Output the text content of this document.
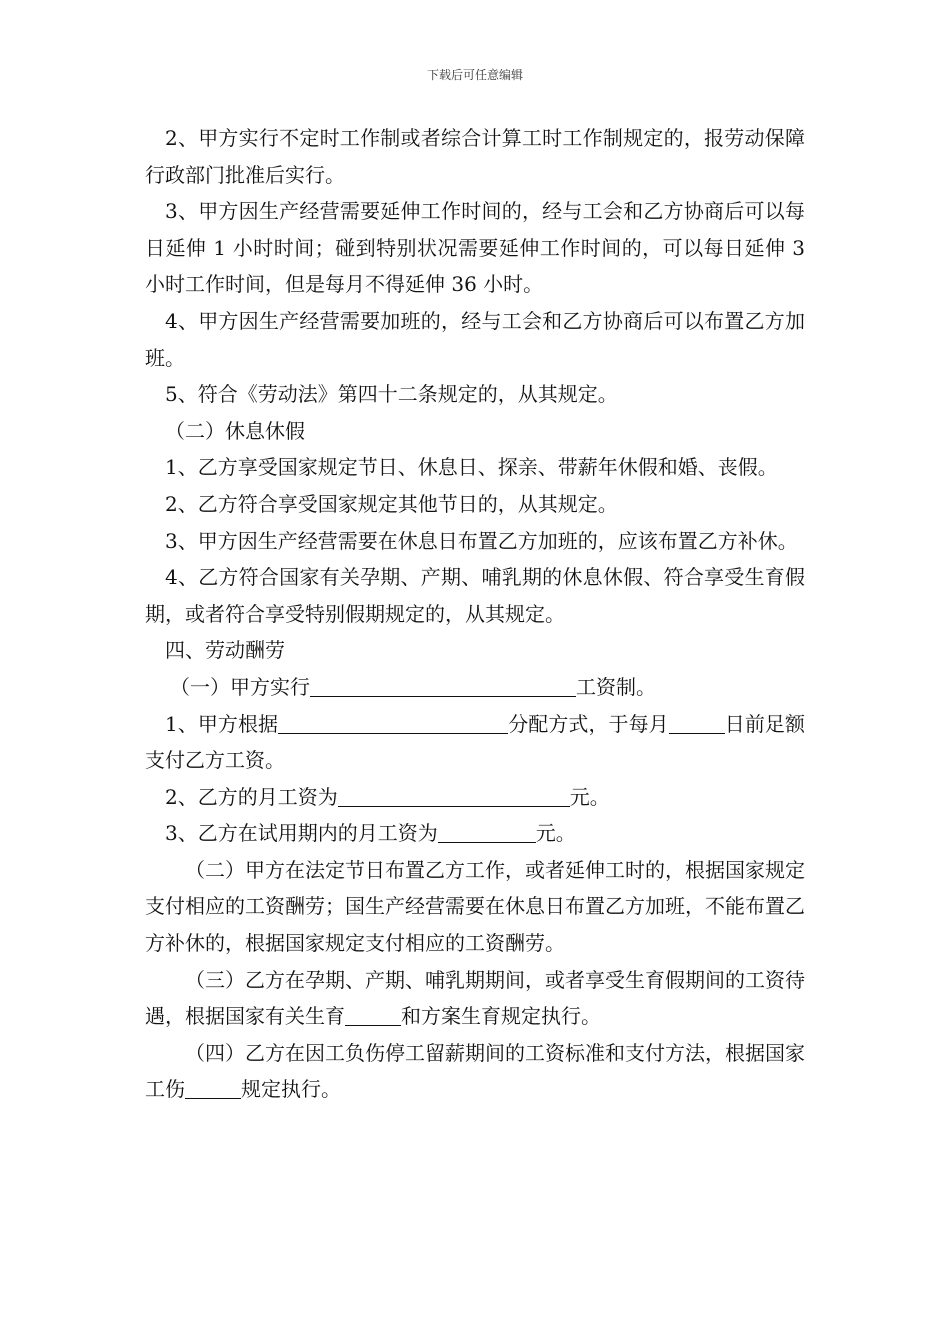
下载后可任意编辑

2、甲方实行不定时工作制或者综合计算工时工作制规定的，报劳动保障行政部门批准后实行。

3、甲方因生产经营需要延伸工作时间的，经与工会和乙方协商后可以每日延伸 1 小时时间；碰到特别状况需要延伸工作时间的，可以每日延伸 3 小时工作时间，但是每月不得延伸 36 小时。

4、甲方因生产经营需要加班的，经与工会和乙方协商后可以布置乙方加班。

5、符合《劳动法》第四十二条规定的，从其规定。

（二）休息休假

1、乙方享受国家规定节日、休息日、探亲、带薪年休假和婚、丧假。

2、乙方符合享受国家规定其他节日的，从其规定。

3、甲方因生产经营需要在休息日布置乙方加班的，应该布置乙方补休。

4、乙方符合国家有关孕期、产期、哺乳期的休息休假、符合享受生育假期，或者符合享受特别假期规定的，从其规定。

四、劳动酬劳

（一）甲方实行	工资制。

1、甲方根据	分配方式，于每月	日前足额支付乙方工资。

2、乙方的月工资为	元。

3、乙方在试用期内的月工资为	元。

（二）甲方在法定节日布置乙方工作，或者延伸工时的，根据国家规定支付相应的工资酬劳；国生产经营需要在休息日布置乙方加班，不能布置乙方补休的，根据国家规定支付相应的工资酬劳。

（三）乙方在孕期、产期、哺乳期期间，或者享受生育假期间的工资待遇，根据国家有关生育	和方案生育规定执行。

（四）乙方在因工负伤停工留薪期间的工资标准和支付方法，根据国家工伤	规定执行。
